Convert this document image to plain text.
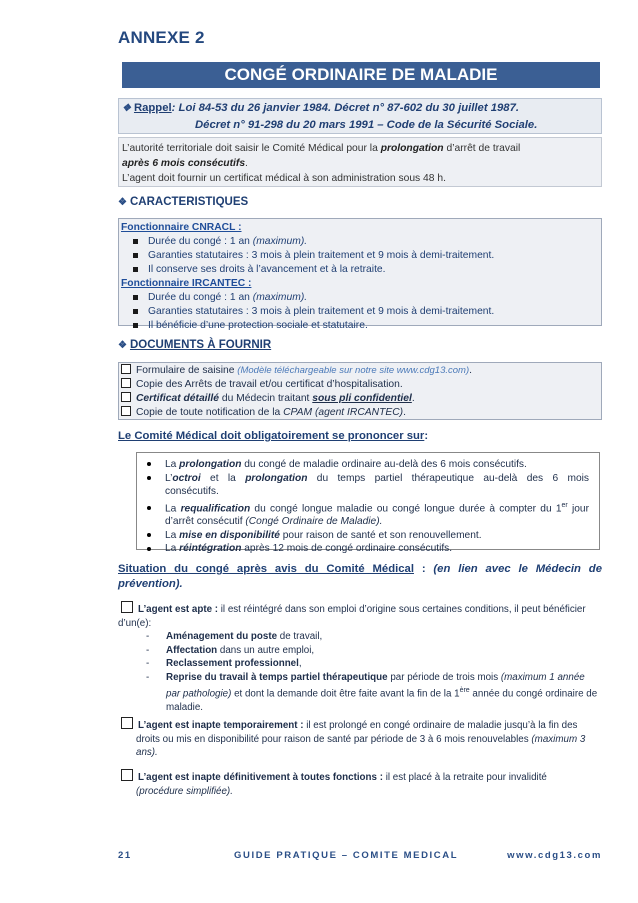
ANNEXE 2
CONGÉ ORDINAIRE DE MALADIE
❖ Rappel: Loi 84-53 du 26 janvier 1984. Décret n° 87-602 du 30 juillet 1987.
Décret n° 91-298 du 20 mars 1991 – Code de la Sécurité Sociale.
L’autorité territoriale doit saisir le Comité Médical pour la prolongation d’arrêt de travail
après 6 mois consécutifs.
L’agent doit fournir un certificat médical à son administration sous 48 h.
❖ CARACTERISTIQUES
Fonctionnaire CNRACL :
Durée du congé : 1 an (maximum).
Garanties statutaires : 3 mois à plein traitement et 9 mois à demi-traitement.
Il conserve ses droits à l’avancement et à la retraite.
Fonctionnaire IRCANTEC :
Durée du congé : 1 an (maximum).
Garanties statutaires : 3 mois à plein traitement et 9 mois à demi-traitement.
Il bénéficie d’une protection sociale et statutaire.
❖ DOCUMENTS À FOURNIR
Formulaire de saisine (Modèle téléchargeable sur notre site www.cdg13.com).
Copie des Arrêts de travail et/ou certificat d’hospitalisation.
Certificat détaillé du Médecin traitant sous pli confidentiel.
Copie de toute notification de la CPAM (agent IRCANTEC).
Le Comité Médical doit obligatoirement se prononcer sur:
La prolongation du congé de maladie ordinaire au-delà des 6 mois consécutifs.
L’octroi et la prolongation du temps partiel thérapeutique au-delà des 6 mois
consécutifs.
La requalification du congé longue maladie ou congé longue durée à compter du 1er jour
d’arrêt consécutif (Congé Ordinaire de Maladie).
La mise en disponibilité pour raison de santé et son renouvellement.
La réintégration après 12 mois de congé ordinaire consécutifs.
Situation du congé après avis du Comité Médical : (en lien avec le Médecin de prévention).
L’agent est apte : il est réintégré dans son emploi d’origine sous certaines conditions, il peut bénéficier
d’un(e):
- Aménagement du poste de travail,
- Affectation dans un autre emploi,
- Reclassement professionnel,
- Reprise du travail à temps partiel thérapeutique par période de trois mois (maximum 1 année
par pathologie) et dont la demande doit être faite avant la fin de la 1ère année du congé ordinaire de
maladie.
L’agent est inapte temporairement : il est prolongé en congé ordinaire de maladie jusqu’à la fin des
droits ou mis en disponibilité pour raison de santé par période de 3 à 6 mois renouvelables (maximum 3
ans).
L’agent est inapte définitivement à toutes fonctions : il est placé à la retraite pour invalidité
(procédure simplifiée).
21	GUIDE PRATIQUE – COMITE MEDICAL	www.cdg13.com
